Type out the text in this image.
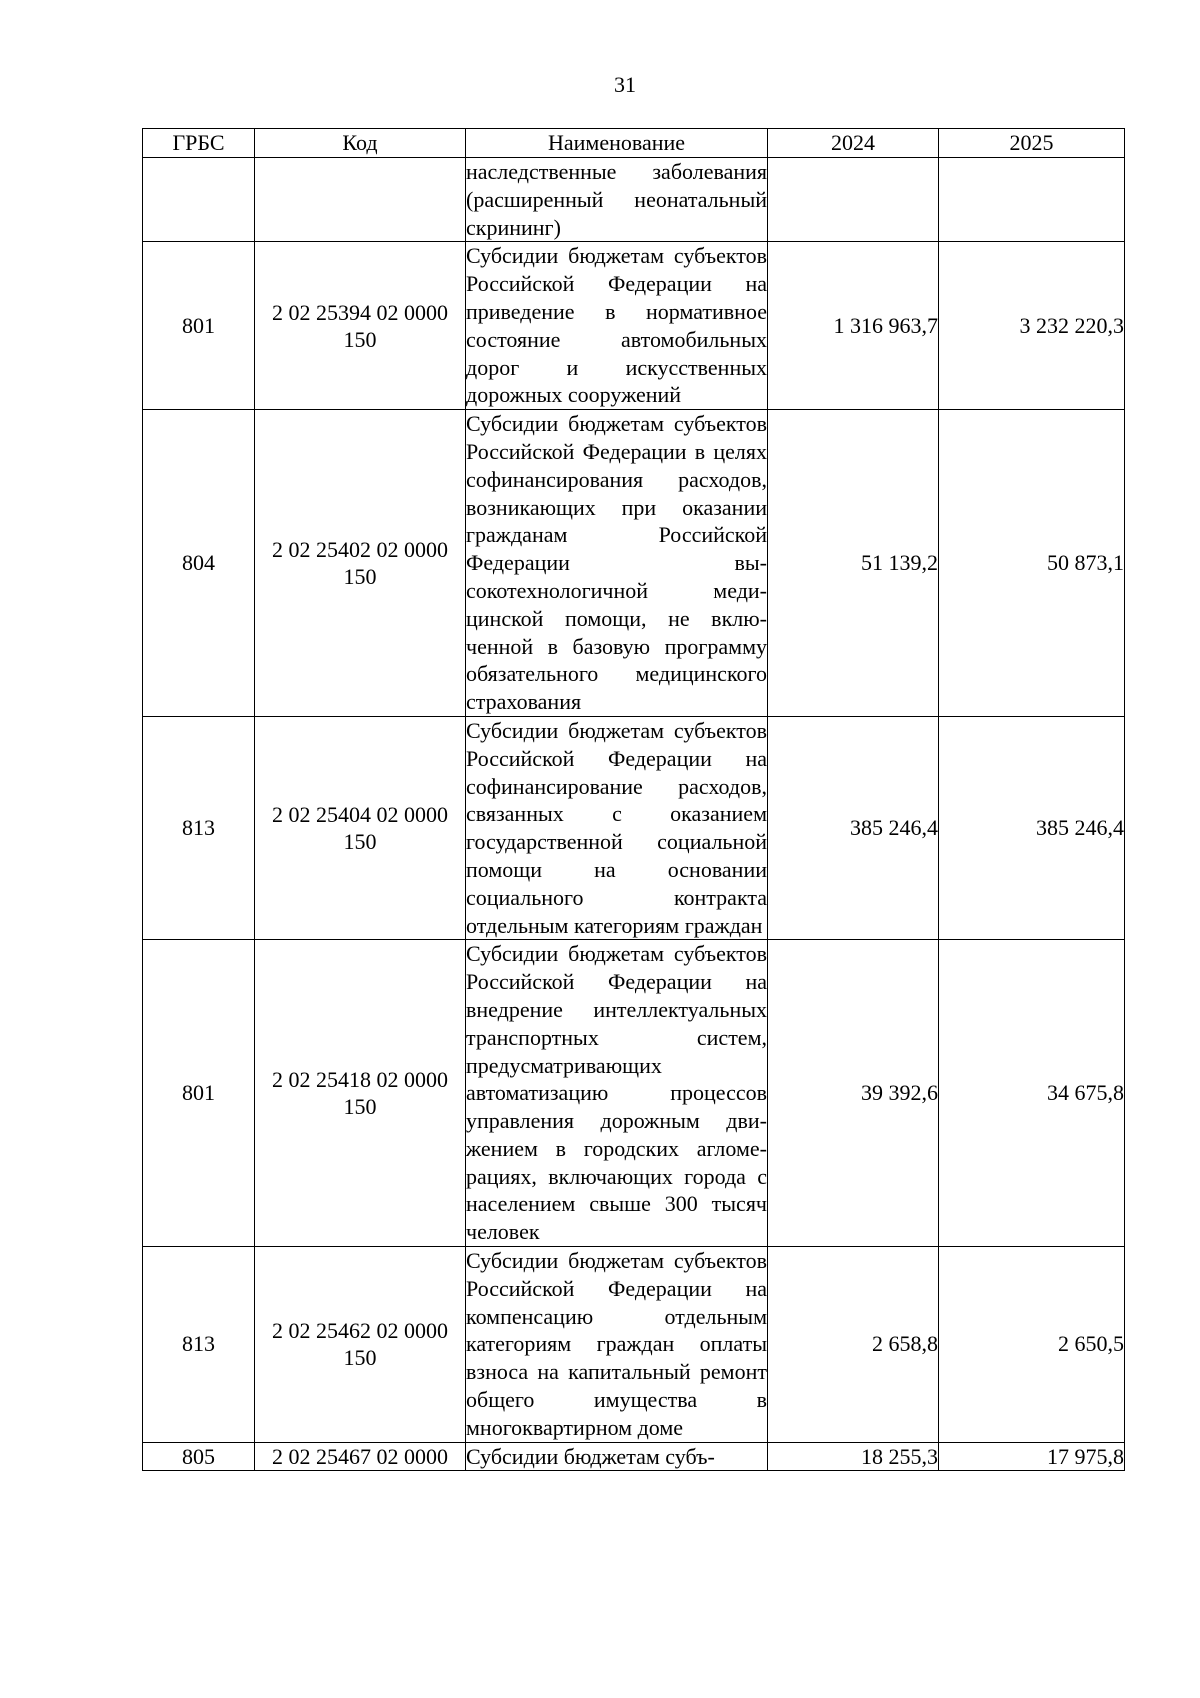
31
ГРБС	Код	Наименование	2024	2025
		наследственные заболевания (расширенный неонатальный скрининг)		
801	2 02 25394 02 0000 150	Субсидии бюджетам субъектов Российской Федерации на приведение в нормативное состояние автомобильных дорог и искусственных дорожных сооружений	1 316 963,7	3 232 220,3
804	2 02 25402 02 0000 150	Субсидии бюджетам субъектов Российской Федерации в целях софинансирования расходов, возникающих при оказании гражданам Российской Федерации высокотехнологичной медицинской помощи, не включенной в базовую программу обязательного медицинского страхования	51 139,2	50 873,1
813	2 02 25404 02 0000 150	Субсидии бюджетам субъектов Российской Федерации на софинансирование расходов, связанных с оказанием государственной социальной помощи на основании социального контракта отдельным категориям граждан	385 246,4	385 246,4
801	2 02 25418 02 0000 150	Субсидии бюджетам субъектов Российской Федерации на внедрение интеллектуальных транспортных систем, предусматривающих автоматизацию процессов управления дорожным движением в городских агломерациях, включающих города с населением свыше 300 тысяч человек	39 392,6	34 675,8
813	2 02 25462 02 0000 150	Субсидии бюджетам субъектов Российской Федерации на компенсацию отдельным категориям граждан оплаты взноса на капитальный ремонт общего имущества в многоквартирном доме	2 658,8	2 650,5
805	2 02 25467 02 0000	Субсидии бюджетам субъ-	18 255,3	17 975,8
